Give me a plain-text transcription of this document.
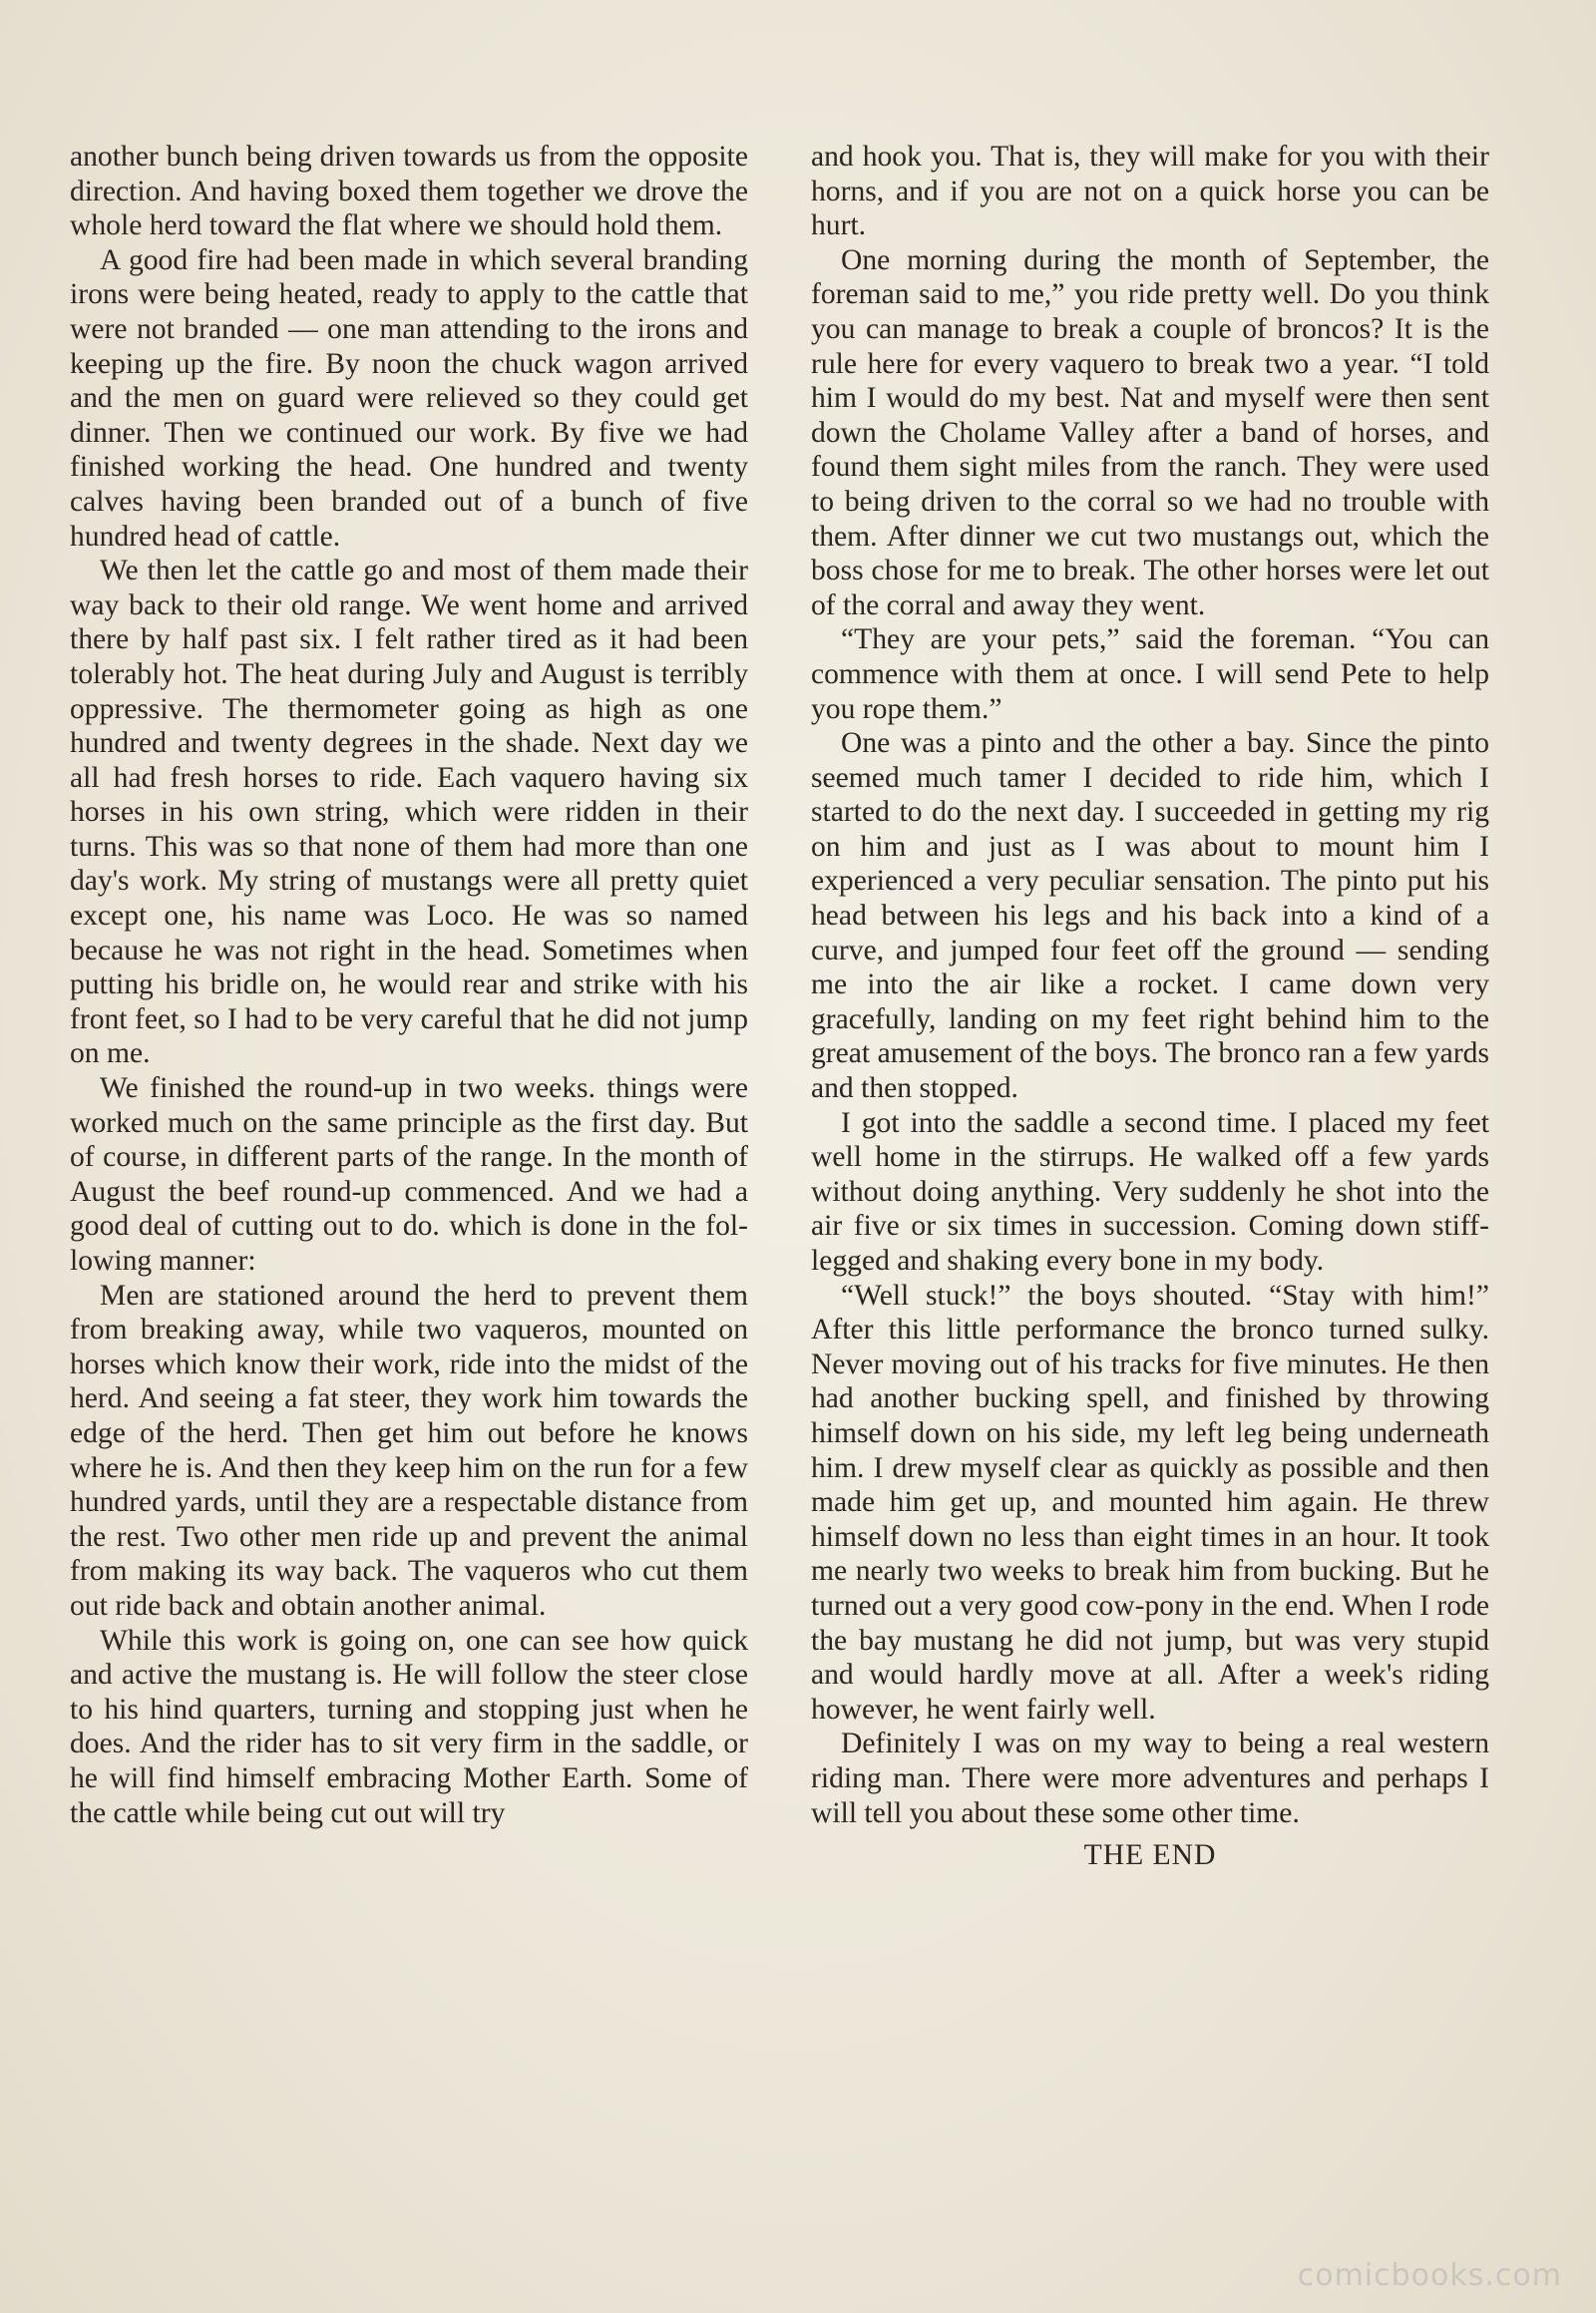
another bunch being driven towards us from the opposite direction. And having boxed them together we drove the whole herd toward the flat where we should hold them.

A good fire had been made in which several branding irons were being heated, ready to apply to the cattle that were not branded — one man attending to the irons and keeping up the fire. By noon the chuck wagon arrived and the men on guard were relieved so they could get dinner. Then we continued our work. By five we had finished working the head. One hundred and twenty calves having been branded out of a bunch of five hundred head of cattle.

We then let the cattle go and most of them made their way back to their old range. We went home and arrived there by half past six. I felt rather tired as it had been tolerably hot. The heat during July and August is terribly oppressive. The thermometer going as high as one hundred and twenty degrees in the shade. Next day we all had fresh horses to ride. Each vaquero having six horses in his own string, which were ridden in their turns. This was so that none of them had more than one day's work. My string of mustangs were all pretty quiet except one, his name was Loco. He was so named because he was not right in the head. Sometimes when putting his bridle on, he would rear and strike with his front feet, so I had to be very careful that he did not jump on me.

We finished the round-up in two weeks. things were worked much on the same principle as the first day. But of course, in different parts of the range. In the month of August the beef round-up commenced. And we had a good deal of cutting out to do. which is done in the following manner:

Men are stationed around the herd to prevent them from breaking away, while two vaqueros, mounted on horses which know their work, ride into the midst of the herd. And seeing a fat steer, they work him towards the edge of the herd. Then get him out before he knows where he is. And then they keep him on the run for a few hundred yards, until they are a respectable distance from the rest. Two other men ride up and prevent the animal from making its way back. The vaqueros who cut them out ride back and obtain another animal.

While this work is going on, one can see how quick and active the mustang is. He will follow the steer close to his hind quarters, turning and stopping just when he does. And the rider has to sit very firm in the saddle, or he will find himself embracing Mother Earth. Some of the cattle while being cut out will try

and hook you. That is, they will make for you with their horns, and if you are not on a quick horse you can be hurt.

One morning during the month of September, the foreman said to me,” you ride pretty well. Do you think you can manage to break a couple of broncos? It is the rule here for every vaquero to break two a year. “I told him I would do my best. Nat and myself were then sent down the Cholame Valley after a band of horses, and found them sight miles from the ranch. They were used to being driven to the corral so we had no trouble with them. After dinner we cut two mustangs out, which the boss chose for me to break. The other horses were let out of the corral and away they went.

“They are your pets,” said the foreman. “You can commence with them at once. I will send Pete to help you rope them.”

One was a pinto and the other a bay. Since the pinto seemed much tamer I decided to ride him, which I started to do the next day. I succeeded in getting my rig on him and just as I was about to mount him I experienced a very peculiar sensation. The pinto put his head between his legs and his back into a kind of a curve, and jumped four feet off the ground — sending me into the air like a rocket. I came down very gracefully, landing on my feet right behind him to the great amusement of the boys. The bronco ran a few yards and then stopped.

I got into the saddle a second time. I placed my feet well home in the stirrups. He walked off a few yards without doing anything. Very suddenly he shot into the air five or six times in succession. Coming down stiff-legged and shaking every bone in my body.

“Well stuck!” the boys shouted. “Stay with him!” After this little performance the bronco turned sulky. Never moving out of his tracks for five minutes. He then had another bucking spell, and finished by throwing himself down on his side, my left leg being underneath him. I drew myself clear as quickly as possible and then made him get up, and mounted him again. He threw himself down no less than eight times in an hour. It took me nearly two weeks to break him from bucking. But he turned out a very good cow-pony in the end. When I rode the bay mustang he did not jump, but was very stupid and would hardly move at all. After a week's riding however, he went fairly well.

Definitely I was on my way to being a real western riding man. There were more adventures and perhaps I will tell you about these some other time.

THE END

comicbooks.com
